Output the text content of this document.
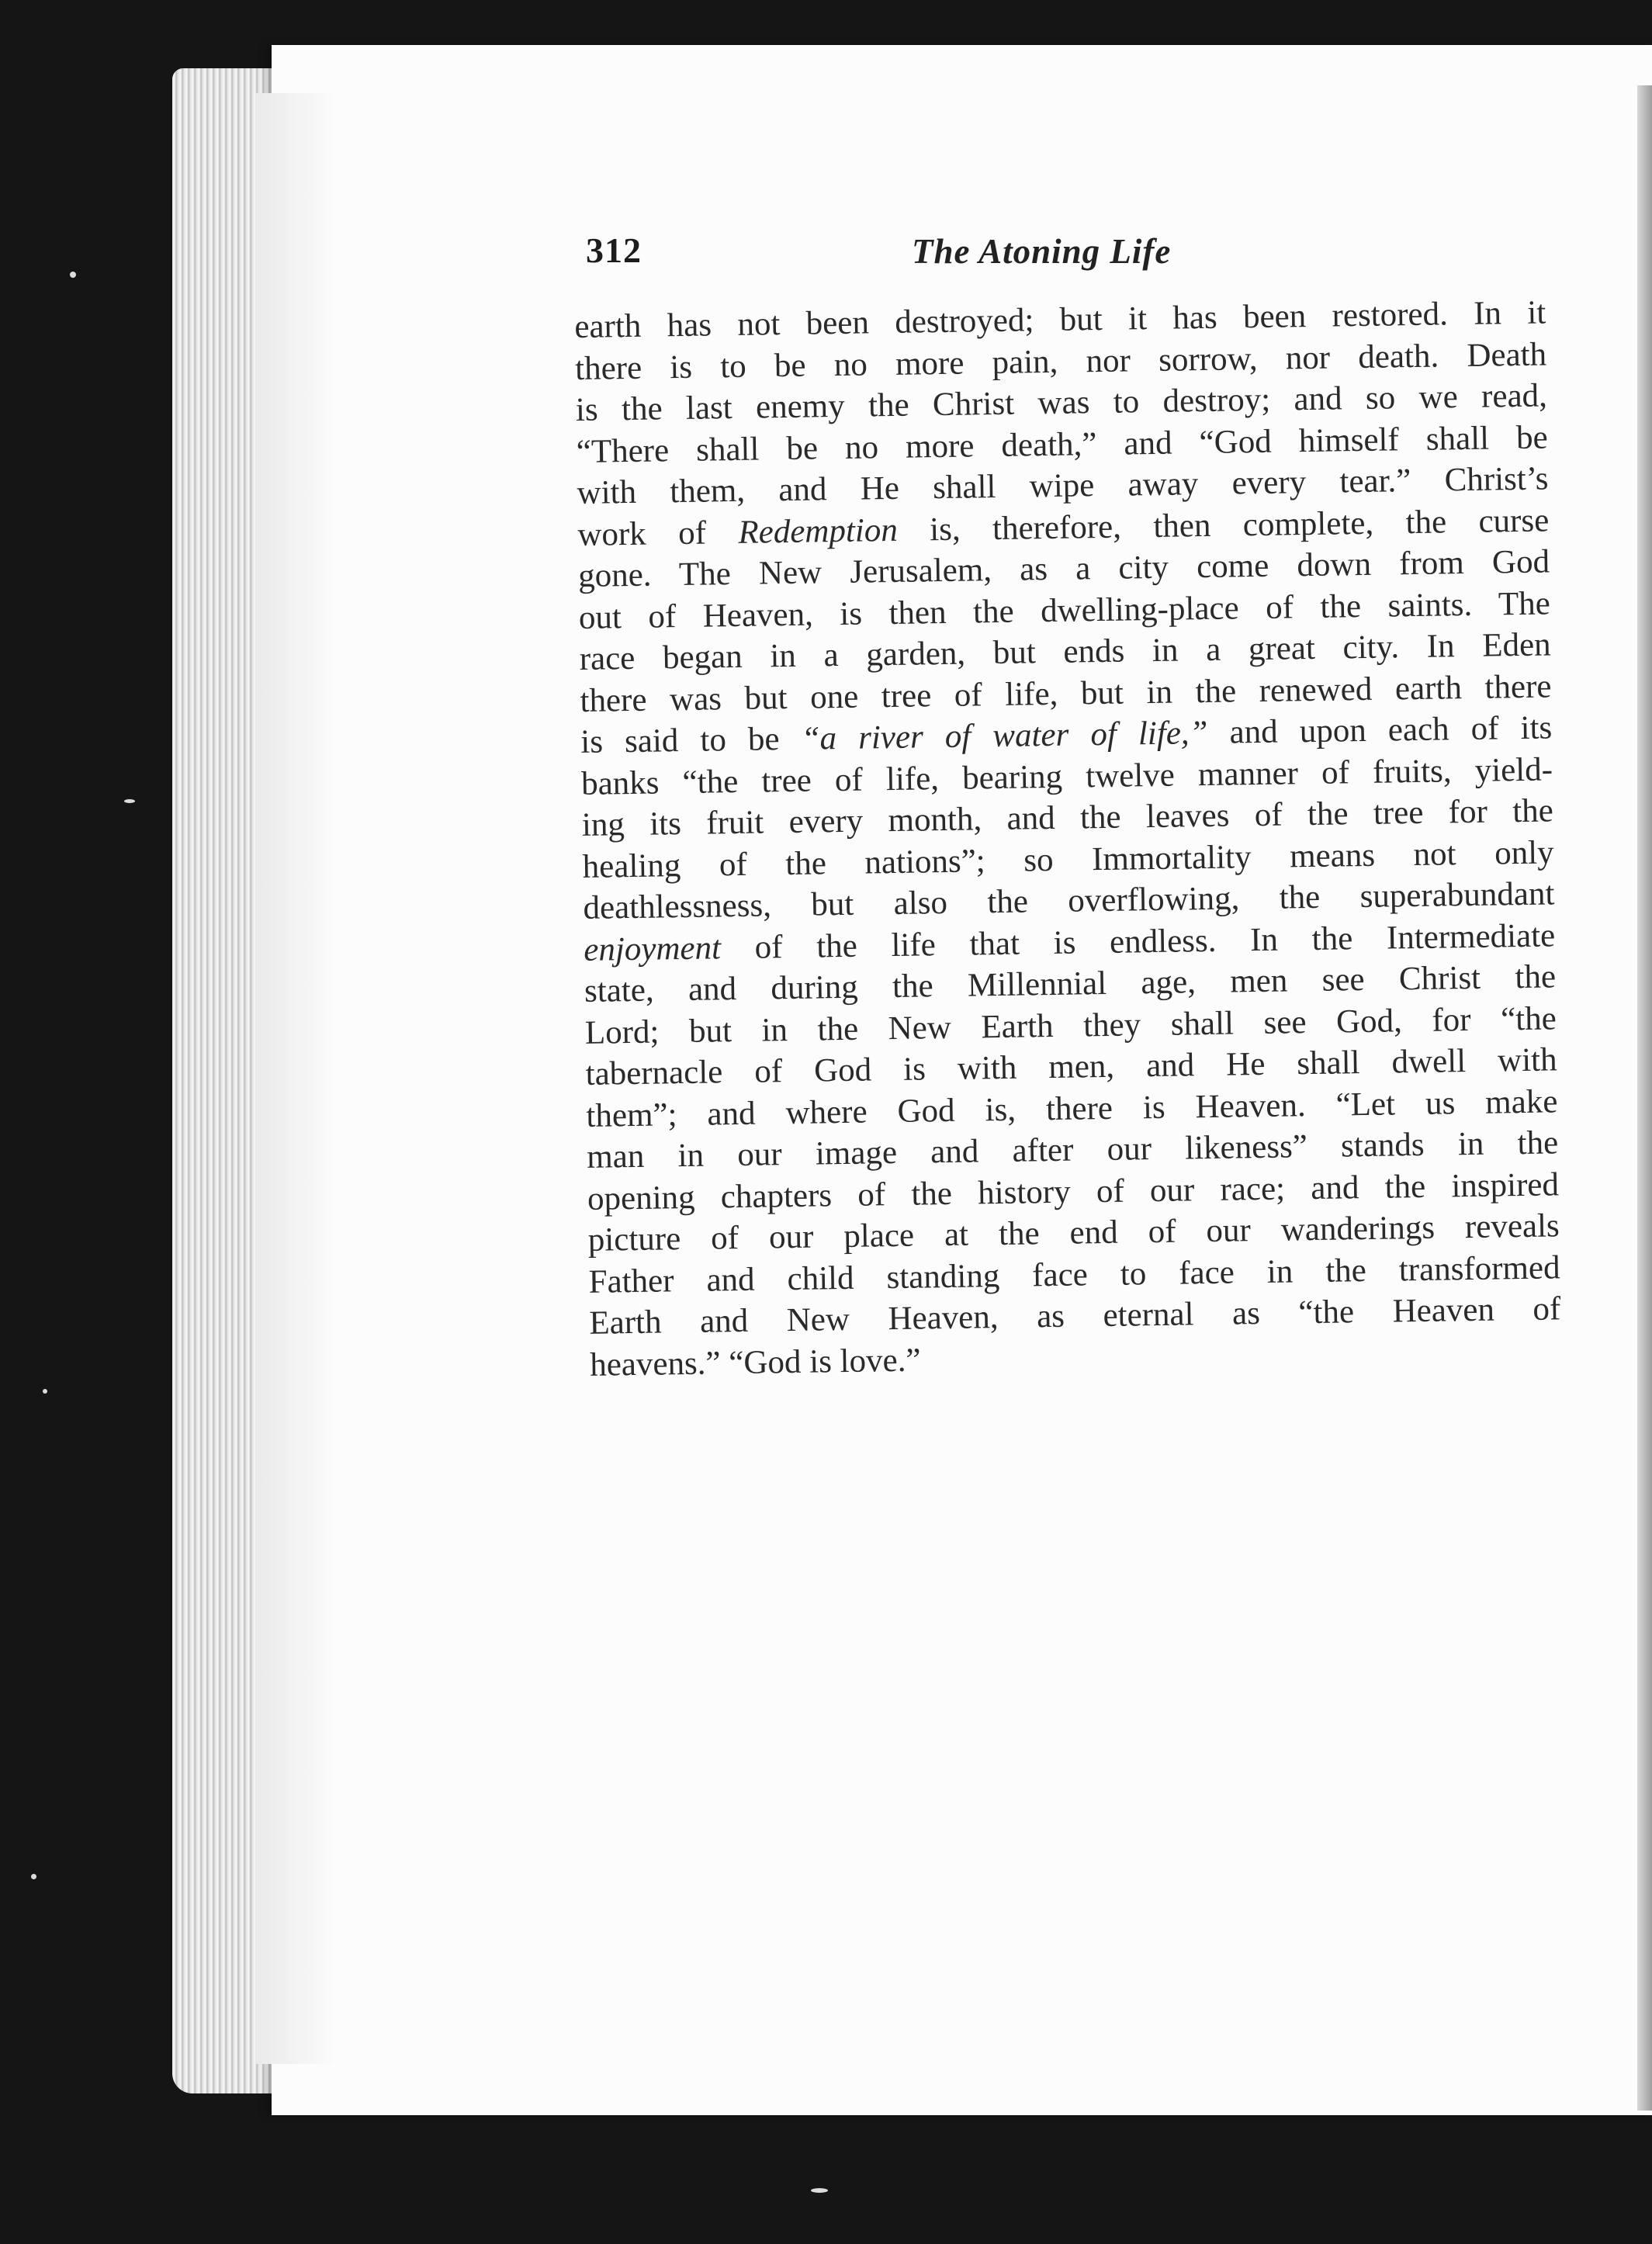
312	The Atoning Life
earth has not been destroyed; but it has been restored. In it
there is to be no more pain, nor sorrow, nor death. Death
is the last enemy the Christ was to destroy; and so we read,
“There shall be no more death,” and “God himself shall be
with them, and He shall wipe away every tear.” Christ’s
work of Redemption is, therefore, then complete, the curse
gone. The New Jerusalem, as a city come down from God
out of Heaven, is then the dwelling-place of the saints. The
race began in a garden, but ends in a great city. In Eden
there was but one tree of life, but in the renewed earth there
is said to be “a river of water of life,” and upon each of its
banks “the tree of life, bearing twelve manner of fruits, yield-
ing its fruit every month, and the leaves of the tree for the
healing of the nations”; so Immortality means not only
deathlessness, but also the overflowing, the superabundant
enjoyment of the life that is endless. In the Intermediate
state, and during the Millennial age, men see Christ the
Lord; but in the New Earth they shall see God, for “the
tabernacle of God is with men, and He shall dwell with
them”; and where God is, there is Heaven. “Let us make
man in our image and after our likeness” stands in the
opening chapters of the history of our race; and the inspired
picture of our place at the end of our wanderings reveals
Father and child standing face to face in the transformed
Earth and New Heaven, as eternal as “the Heaven of
heavens.” “God is love.”
